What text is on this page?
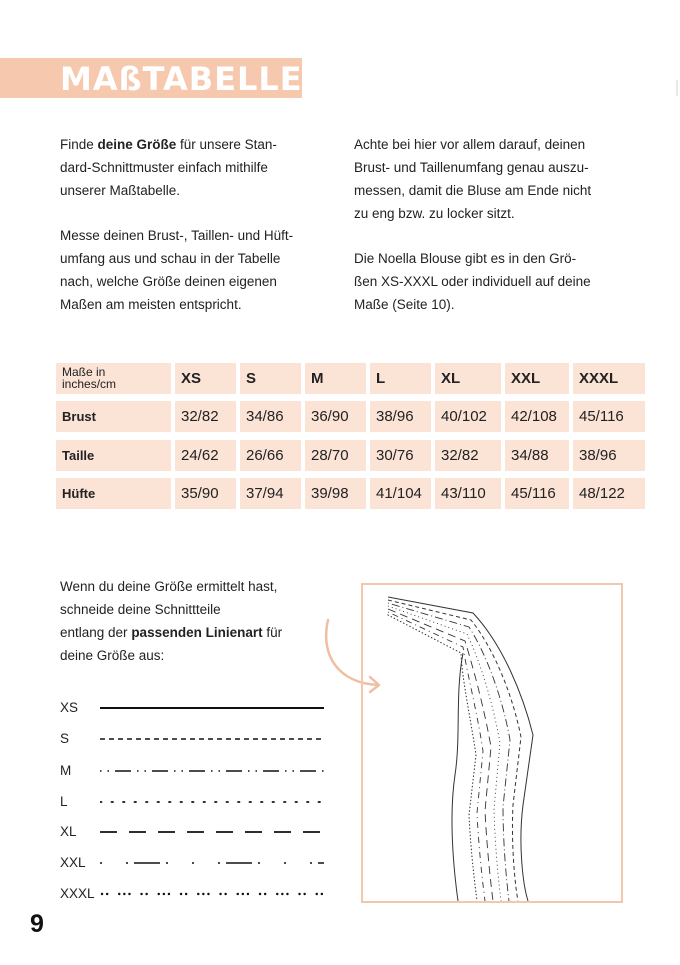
MAßTABELLE
Finde deine Größe für unsere Stan-
dard-Schnittmuster einfach mithilfe
unserer Maßtabelle.
Messe deinen Brust-, Taillen- und Hüft-
umfang aus und schau in der Tabelle
nach, welche Größe deinen eigenen
Maßen am meisten entspricht.
Achte bei hier vor allem darauf, deinen
Brust- und Taillenumfang genau auszu-
messen, damit die Bluse am Ende nicht
zu eng bzw. zu locker sitzt.
Die Noella Blouse gibt es in den Grö-
ßen XS-XXXL oder individuell auf deine
Maße (Seite 10).
Maße in
inches/cm	XS	S	M	L	XL	XXL	XXXL
Brust	32/82	34/86	36/90	38/96	40/102	42/108	45/116
Taille	24/62	26/66	28/70	30/76	32/82	34/88	38/96
Hüfte	35/90	37/94	39/98	41/104	43/110	45/116	48/122
Wenn du deine Größe ermittelt hast,
schneide deine Schnittteile
entlang der passenden Linienart für
deine Größe aus:
XS
S
M
L
XL
XXL
XXXL
9
